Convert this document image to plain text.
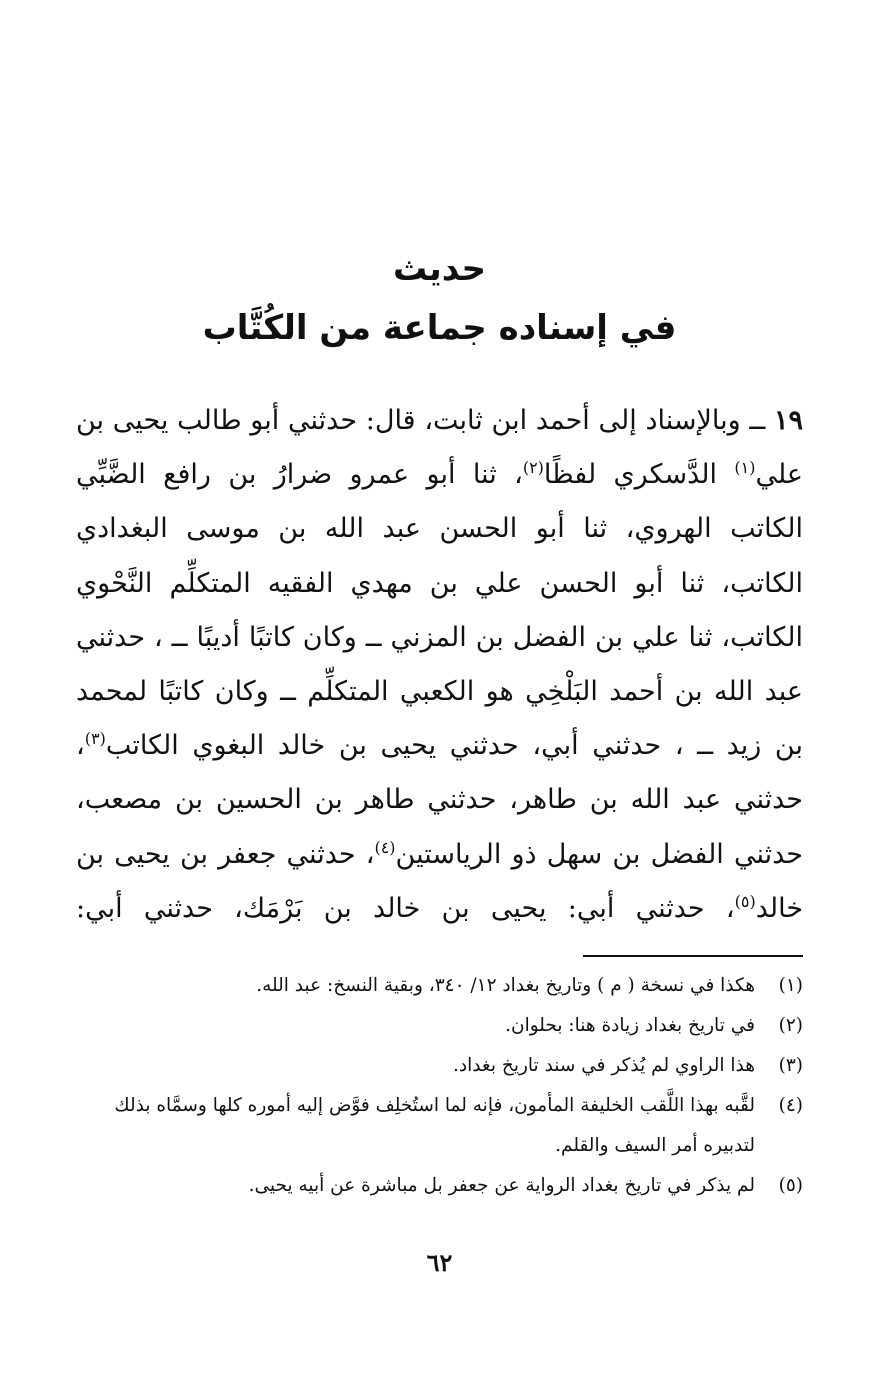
حديث
في إسناده جماعة من الكُتَّاب

١٩ ــ وبالإسناد إلى أحمد ابن ثابت، قال: حدثني أبو طالب يحيى بن علي$^{(١)}$ الدَّسكري لفظًا$^{(٢)}$، ثنا أبو عمرو ضرارُ بن رافع الضَّبِّي الكاتب الهروي، ثنا أبو الحسن عبد الله بن موسى البغدادي الكاتب، ثنا أبو الحسن علي بن مهدي الفقيه المتكلِّم النَّحْوي الكاتب، ثنا علي بن الفضل بن المزني ــ وكان كاتبًا أديبًا ــ ، حدثني عبد الله بن أحمد البَلْخِي هو الكعبي المتكلِّم ــ وكان كاتبًا لمحمد بن زيد ــ ، حدثني أبي، حدثني يحيى بن خالد البغوي الكاتب$^{(٣)}$، حدثني عبد الله بن طاهر، حدثني طاهر بن الحسين بن مصعب، حدثني الفضل بن سهل ذو الرياستين$^{(٤)}$، حدثني جعفر بن يحيى بن خالد$^{(٥)}$، حدثني أبي: يحيى بن خالد بن بَرْمَك، حدثني أبي:

(١)
هكذا في نسخة ( م ) وتاريخ بغداد ١٢/ ٣٤٠، وبقية النسخ: عبد الله.
(٢)
في تاريخ بغداد زيادة هنا: بحلوان.
(٣)
هذا الراوي لم يُذكر في سند تاريخ بغداد.
(٤)
لقَّبه بهذا اللَّقب الخليفة المأمون، فإنه لما استُخلِف فوَّض إليه أموره كلها وسمَّاه بذلك لتدبيره أمر السيف والقلم.
(٥)
لم يذكر في تاريخ بغداد الرواية عن جعفر بل مباشرة عن أبيه يحيى.
٦٢
